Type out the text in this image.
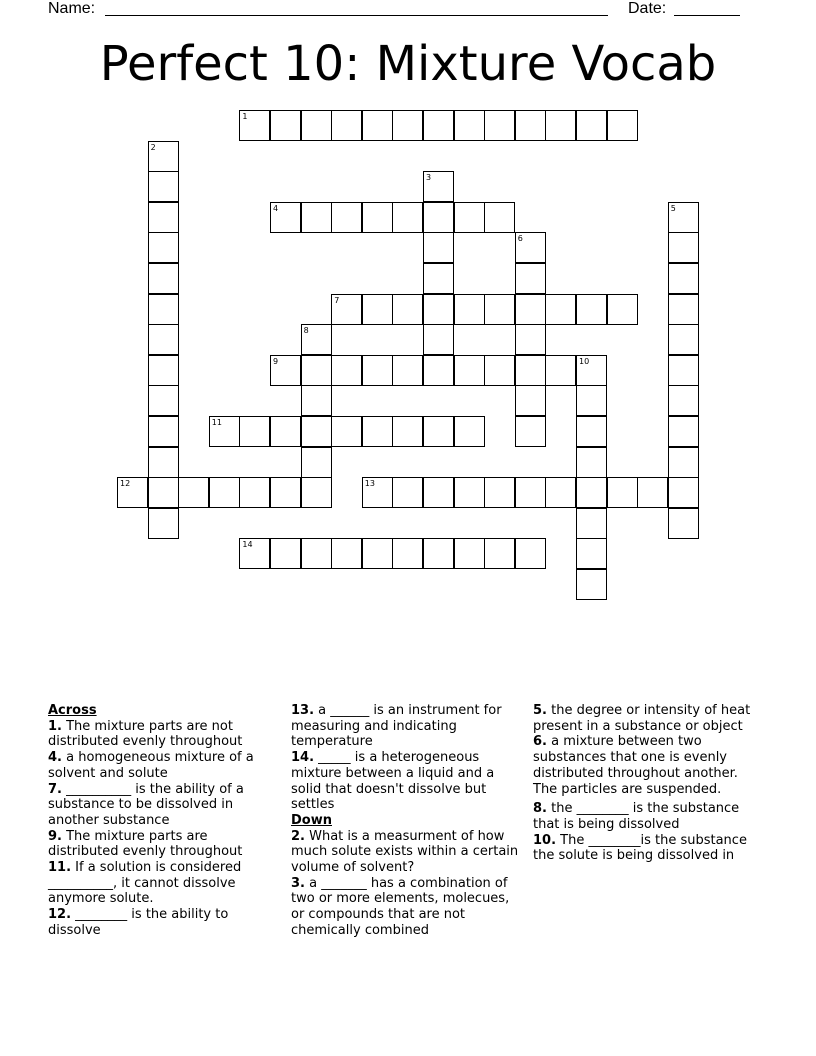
Name:	Date:
Perfect 10: Mixture Vocab
1
2
3
4	5
6
7
8
9	10
11
12	13
14
Across
1. The mixture parts are not distributed evenly throughout
4. a homogeneous mixture of a solvent and solute
7. __________ is the ability of a substance to be dissolved in another substance
9. The mixture parts are distributed evenly throughout
11. If a solution is considered __________, it cannot dissolve anymore solute.
12. ________ is the ability to dissolve
13. a ______ is an instrument for measuring and indicating temperature
14. _____ is a heterogeneous mixture between a liquid and a solid that doesn't dissolve but settles
Down
2. What is a measurment of how much solute exists within a certain volume of solvent?
3. a _______ has a combination of two or more elements, molecues, or compounds that are not chemically combined
5. the degree or intensity of heat present in a substance or object
6. a mixture between two substances that one is evenly distributed throughout another. The particles are suspended.
8. the ________ is the substance that is being dissolved
10. The ________is the substance the solute is being dissolved in
